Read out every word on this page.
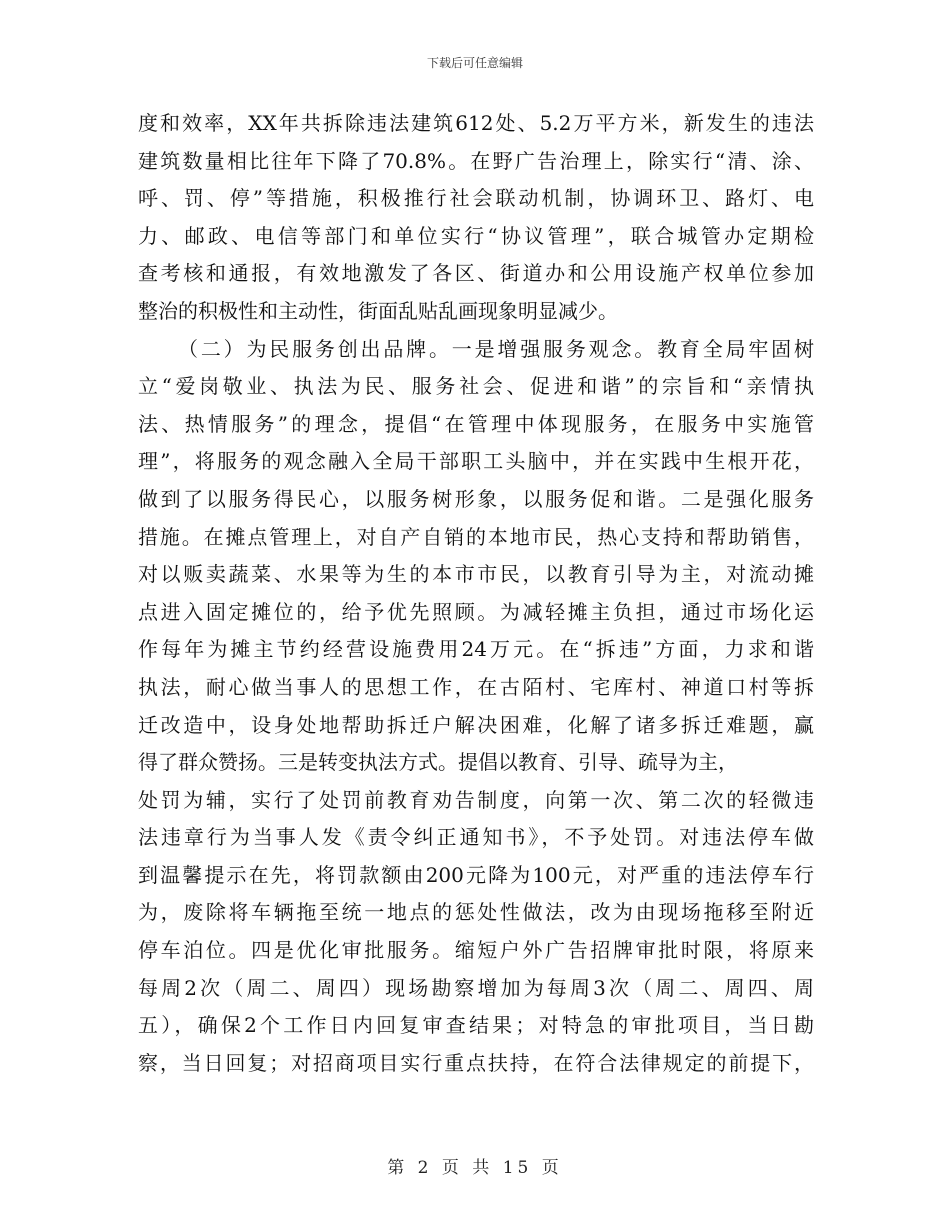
下载后可任意编辑
度和效率，XX年共拆除违法建筑612处、5.2万平方米，新发生的违法
建筑数量相比往年下降了70.8%。在野广告治理上，除实行“清、涂、
呼、罚、停”等措施，积极推行社会联动机制，协调环卫、路灯、电
力、邮政、电信等部门和单位实行“协议管理”，联合城管办定期检
查考核和通报，有效地激发了各区、街道办和公用设施产权单位参加
整治的积极性和主动性，街面乱贴乱画现象明显减少。
（二）为民服务创出品牌。一是增强服务观念。教育全局牢固树
立“爱岗敬业、执法为民、服务社会、促进和谐”的宗旨和“亲情执
法、热情服务”的理念，提倡“在管理中体现服务，在服务中实施管
理”，将服务的观念融入全局干部职工头脑中，并在实践中生根开花，
做到了以服务得民心，以服务树形象，以服务促和谐。二是强化服务
措施。在摊点管理上，对自产自销的本地市民，热心支持和帮助销售，
对以贩卖蔬菜、水果等为生的本市市民，以教育引导为主，对流动摊
点进入固定摊位的，给予优先照顾。为减轻摊主负担，通过市场化运
作每年为摊主节约经营设施费用24万元。在“拆违”方面，力求和谐
执法，耐心做当事人的思想工作，在古陌村、宅库村、神道口村等拆
迁改造中，设身处地帮助拆迁户解决困难，化解了诸多拆迁难题，赢
得了群众赞扬。三是转变执法方式。提倡以教育、引导、疏导为主，
处罚为辅，实行了处罚前教育劝告制度，向第一次、第二次的轻微违
法违章行为当事人发《责令纠正通知书》，不予处罚。对违法停车做
到温馨提示在先，将罚款额由200元降为100元，对严重的违法停车行
为，废除将车辆拖至统一地点的惩处性做法，改为由现场拖移至附近
停车泊位。四是优化审批服务。缩短户外广告招牌审批时限，将原来
每周2次（周二、周四）现场勘察增加为每周3次（周二、周四、周
五），确保2个工作日内回复审查结果；对特急的审批项目，当日勘
察，当日回复；对招商项目实行重点扶持，在符合法律规定的前提下，
第 2 页 共 15 页
